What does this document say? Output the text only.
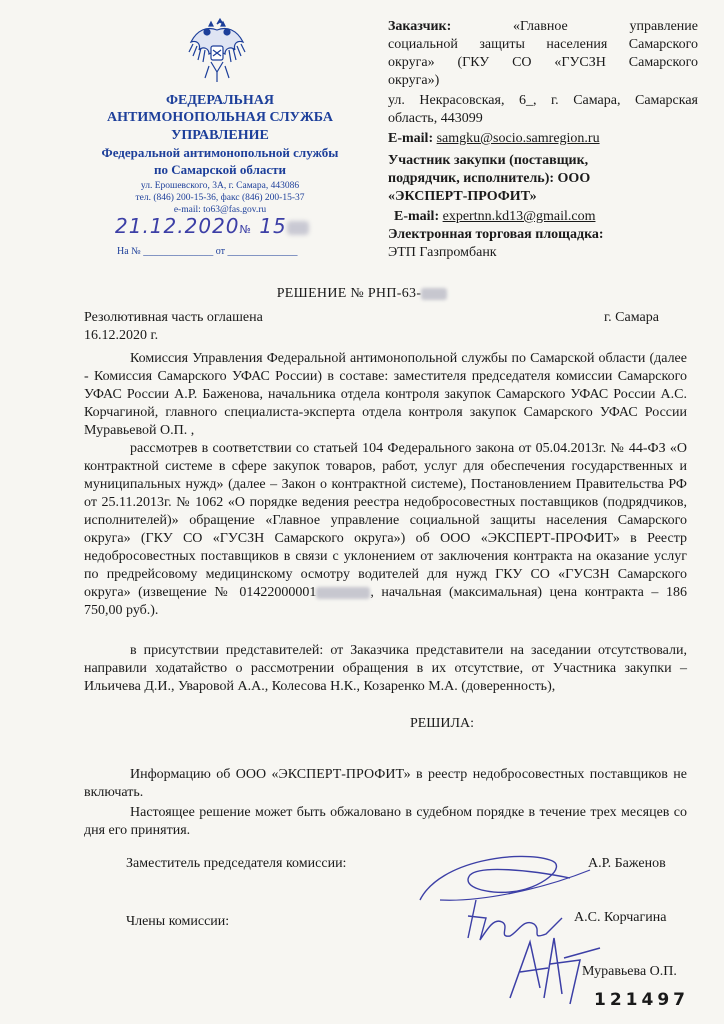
ФЕДЕРАЛЬНАЯ
АНТИМОНОПОЛЬНАЯ СЛУЖБА
УПРАВЛЕНИЕ
Федеральной антимонопольной службы
по Самарской области
ул. Ерошевского, 3А, г. Самара, 443086
тел. (846) 200-15-36, факс (846) 200-15-37
e-mail: to63@fas.gov.ru
21.12.2020№ 15
На № ______________ от ______________
Заказчик:	«Главное управление
социальной защиты населения Самарского
округа» (ГКУ СО «ГУСЗН Самарского
округа»)
ул. Некрасовская, 6_, г. Самара, Самарская
область, 443099
E-mail: samgku@socio.samregion.ru
Участник закупки (поставщик,
подрядчик, исполнитель): ООО
«ЭКСПЕРТ-ПРОФИТ»
E-mail: expertnn.kd13@gmail.com
Электронная торговая площадка:
ЭТП Газпромбанк
РЕШЕНИЕ № РНП-63-
Резолютивная часть оглашена	г. Самара
16.12.2020 г.
Комиссия Управления Федеральной антимонопольной службы по Самарской области (далее - Комиссия Самарского УФАС России) в составе: заместителя председателя комиссии Самарского УФАС России А.Р. Баженова, начальника отдела контроля закупок Самарского УФАС России А.С. Корчагиной, главного специалиста-эксперта отдела контроля закупок Самарского УФАС России Муравьевой О.П. ,
рассмотрев в соответствии со статьей 104 Федерального закона от 05.04.2013г. № 44-ФЗ «О контрактной системе в сфере закупок товаров, работ, услуг для обеспечения государственных и муниципальных нужд» (далее – Закон о контрактной системе), Постановлением Правительства РФ от 25.11.2013г. № 1062 «О порядке ведения реестра недобросовестных поставщиков (подрядчиков, исполнителей)» обращение «Главное управление социальной защиты населения Самарского округа» (ГКУ СО «ГУСЗН Самарского округа») об ООО «ЭКСПЕРТ-ПРОФИТ» в Реестр недобросовестных поставщиков в связи с уклонением от заключения контракта на оказание услуг по предрейсовому медицинскому осмотру водителей для нужд ГКУ СО «ГУСЗН Самарского округа» (извещение № 01422000001	, начальная (максимальная) цена контракта – 186 750,00 руб.).
в присутствии представителей: от Заказчика представители на заседании отсутствовали, направили ходатайство о рассмотрении обращения в их отсутствие, от Участника закупки – Ильичева Д.И., Уваровой А.А., Колесова Н.К., Козаренко М.А. (доверенность),
РЕШИЛА:
Информацию об ООО «ЭКСПЕРТ-ПРОФИТ» в реестр недобросовестных поставщиков не включать.
Настоящее решение может быть обжаловано в судебном порядке в течение трех месяцев со дня его принятия.
Заместитель председателя комиссии:	А.Р. Баженов
Члены комиссии:	А.С. Корчагина
Муравьева О.П.
121497
